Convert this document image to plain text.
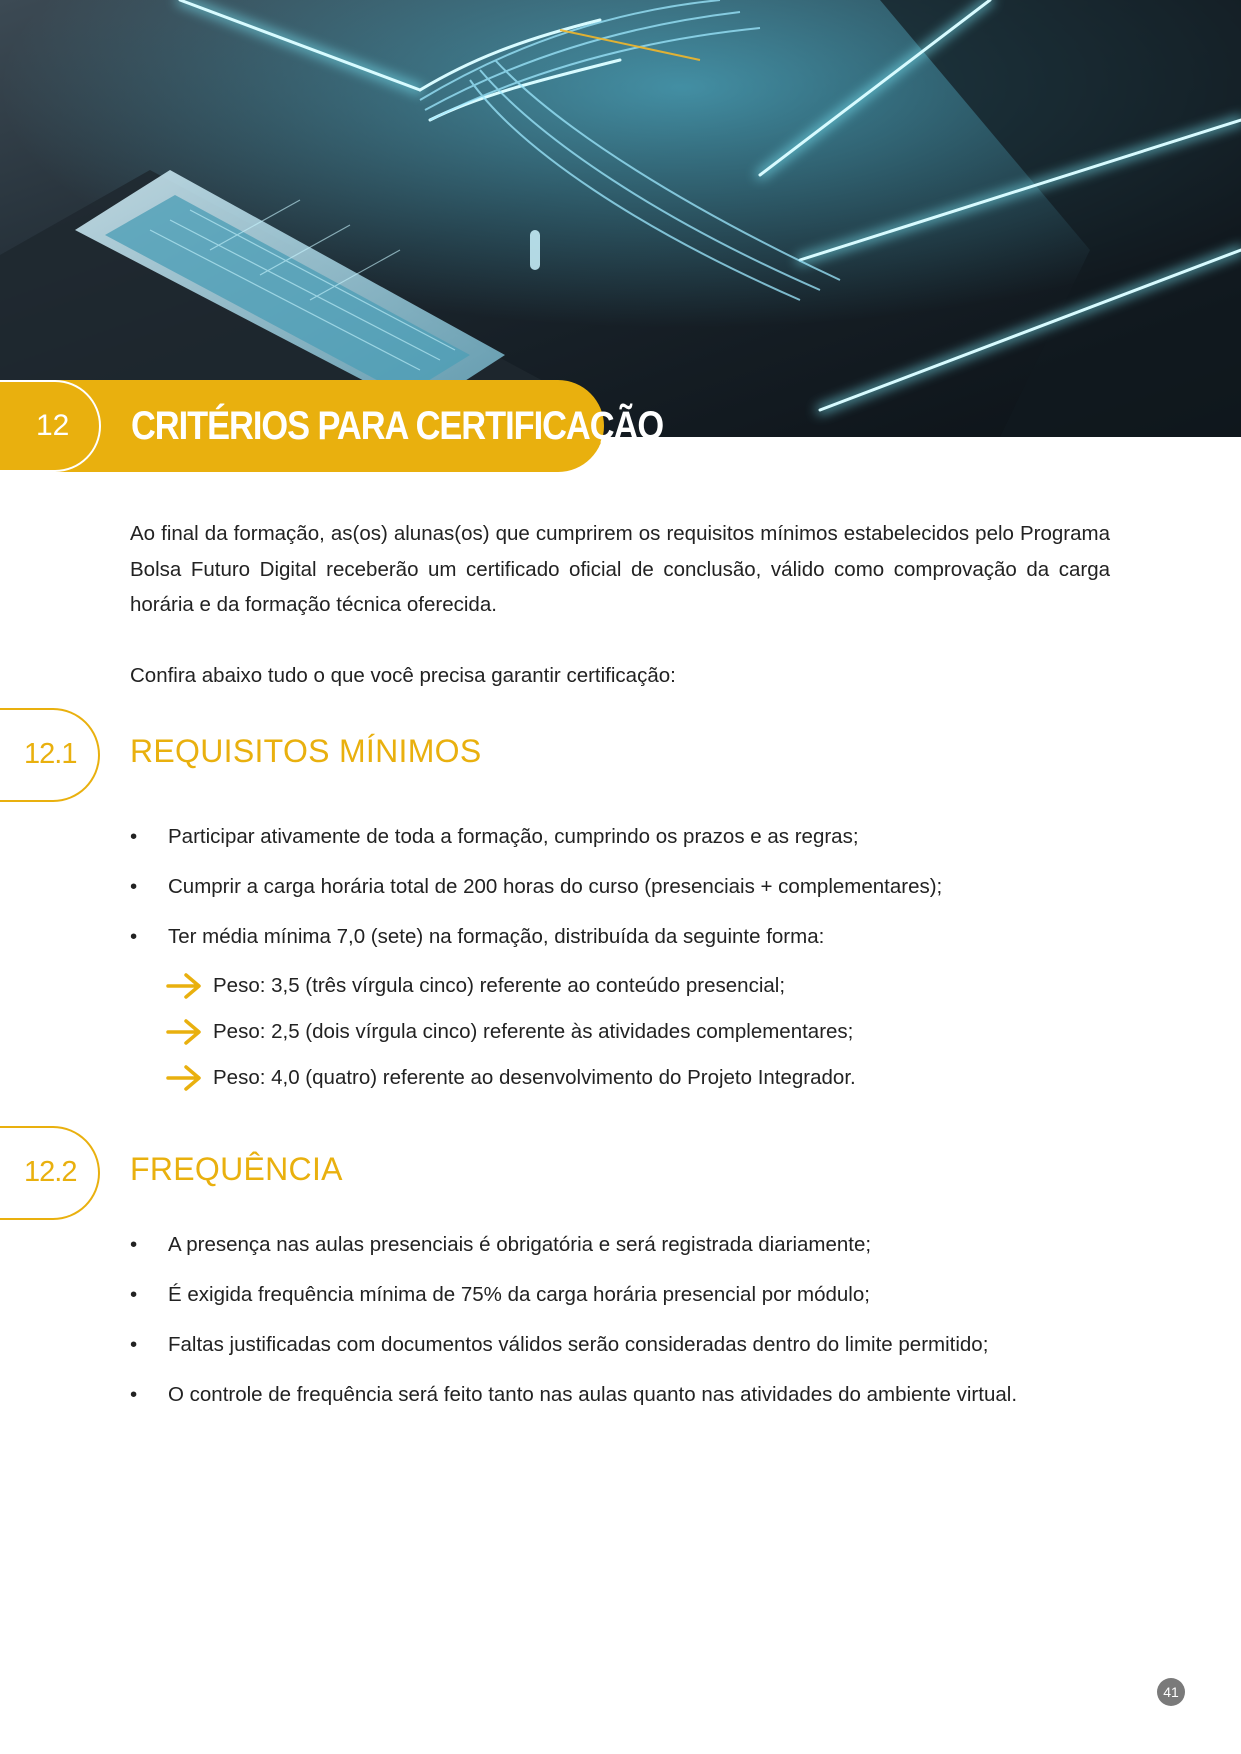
12	CRITÉRIOS PARA CERTIFICAÇÃO

Ao final da formação, as(os) alunas(os) que cumprirem os requisitos mínimos estabelecidos pelo Programa Bolsa Futuro Digital receberão um certificado oficial de conclusão, válido como comprovação da carga horária e da formação técnica oferecida.

Confira abaixo tudo o que você precisa garantir certificação:

12.1	REQUISITOS MÍNIMOS
• Participar ativamente de toda a formação, cumprindo os prazos e as regras;
• Cumprir a carga horária total de 200 horas do curso (presenciais + complementares);
• Ter média mínima 7,0 (sete) na formação, distribuída da seguinte forma:
Peso: 3,5 (três vírgula cinco) referente ao conteúdo presencial;
Peso: 2,5 (dois vírgula cinco) referente às atividades complementares;
Peso: 4,0 (quatro) referente ao desenvolvimento do Projeto Integrador.
12.2	FREQUÊNCIA
• A presença nas aulas presenciais é obrigatória e será registrada diariamente;
• É exigida frequência mínima de 75% da carga horária presencial por módulo;
• Faltas justificadas com documentos válidos serão consideradas dentro do limite permitido;
• O controle de frequência será feito tanto nas aulas quanto nas atividades do ambiente virtual.
41
